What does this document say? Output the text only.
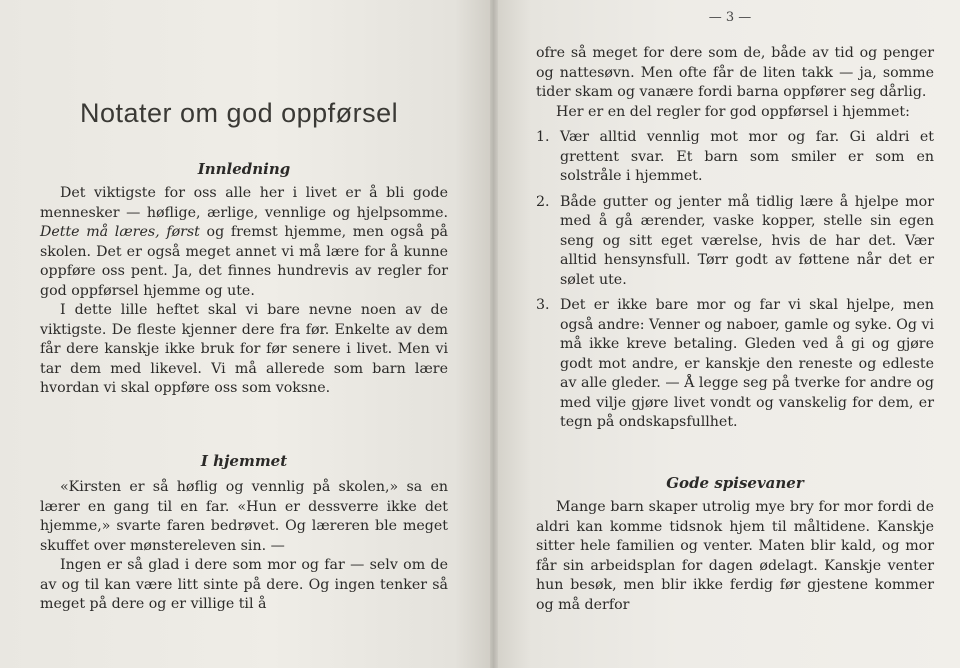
Notater om god oppførsel
Innledning

Det viktigste for oss alle her i livet er å bli gode mennesker — høflige, ærlige, vennlige og hjelpsomme. Dette må læres, først og fremst hjemme, men også på skolen. Det er også meget annet vi må lære for å kunne oppføre oss pent. Ja, det finnes hundrevis av regler for god oppførsel hjemme og ute.

I dette lille heftet skal vi bare nevne noen av de viktigste. De fleste kjenner dere fra før. Enkelte av dem får dere kanskje ikke bruk for før senere i livet. Men vi tar dem med likevel. Vi må allerede som barn lære hvordan vi skal oppføre oss som voksne.

I hjemmet

«Kirsten er så høflig og vennlig på skolen,» sa en lærer en gang til en far. «Hun er dessverre ikke det hjemme,» svarte faren bedrøvet. Og læreren ble meget skuffet over mønstereleven sin. —

Ingen er så glad i dere som mor og far — selv om de av og til kan være litt sinte på dere. Og ingen tenker så meget på dere og er villige til å

ofre så meget for dere som de, både av tid og penger og nattesøvn. Men ofte får de liten takk — ja, somme tider skam og vanære fordi barna oppfører seg dårlig.

Her er en del regler for god oppførsel i hjemmet:

1. Vær alltid vennlig mot mor og far. Gi aldri et grettent svar. Et barn som smiler er som en solstråle i hjemmet.
2. Både gutter og jenter må tidlig lære å hjelpe mor med å gå ærender, vaske kopper, stelle sin egen seng og sitt eget værelse, hvis de har det. Vær alltid hensynsfull. Tørr godt av føttene når det er sølet ute.
3. Det er ikke bare mor og far vi skal hjelpe, men også andre: Venner og naboer, gamle og syke. Og vi må ikke kreve betaling. Gleden ved å gi og gjøre godt mot andre, er kanskje den reneste og edleste av alle gleder. — Å legge seg på tverke for andre og med vilje gjøre livet vondt og vanskelig for dem, er tegn på ondskapsfullhet.
Gode spisevaner

Mange barn skaper utrolig mye bry for mor fordi de aldri kan komme tidsnok hjem til måltidene. Kanskje sitter hele familien og venter. Maten blir kald, og mor får sin arbeidsplan for dagen ødelagt. Kanskje venter hun besøk, men blir ikke ferdig før gjestene kommer og må derfor

— 3 —
